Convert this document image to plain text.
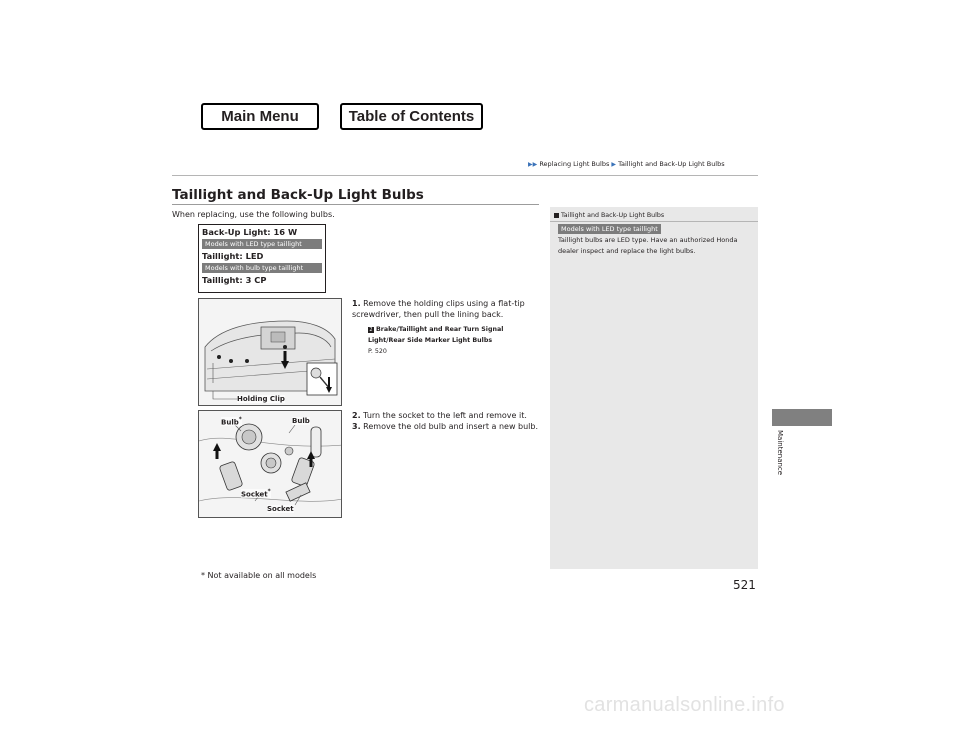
Main Menu	Table of Contents
▶▶ Replacing Light Bulbs ▶ Taillight and Back-Up Light Bulbs
Taillight and Back-Up Light Bulbs
When replacing, use the following bulbs.
Back-Up Light: 16 W
Models with LED type taillight
Taillight: LED
Models with bulb type taillight
Taillight: 3 CP
Holding Clip
Bulb*	Bulb
Socket*
Socket
1. Remove the holding clips using a flat-tip screwdriver, then pull the lining back.
2 Brake/Taillight and Rear Turn Signal Light/Rear Side Marker Light Bulbs
P. 520
2. Turn the socket to the left and remove it.
3. Remove the old bulb and insert a new bulb.
Taillight and Back-Up Light Bulbs
Models with LED type taillight
Taillight bulbs are LED type. Have an authorized Honda dealer inspect and replace the light bulbs.
Maintenance
* Not available on all models
521
carmanualsonline.info
